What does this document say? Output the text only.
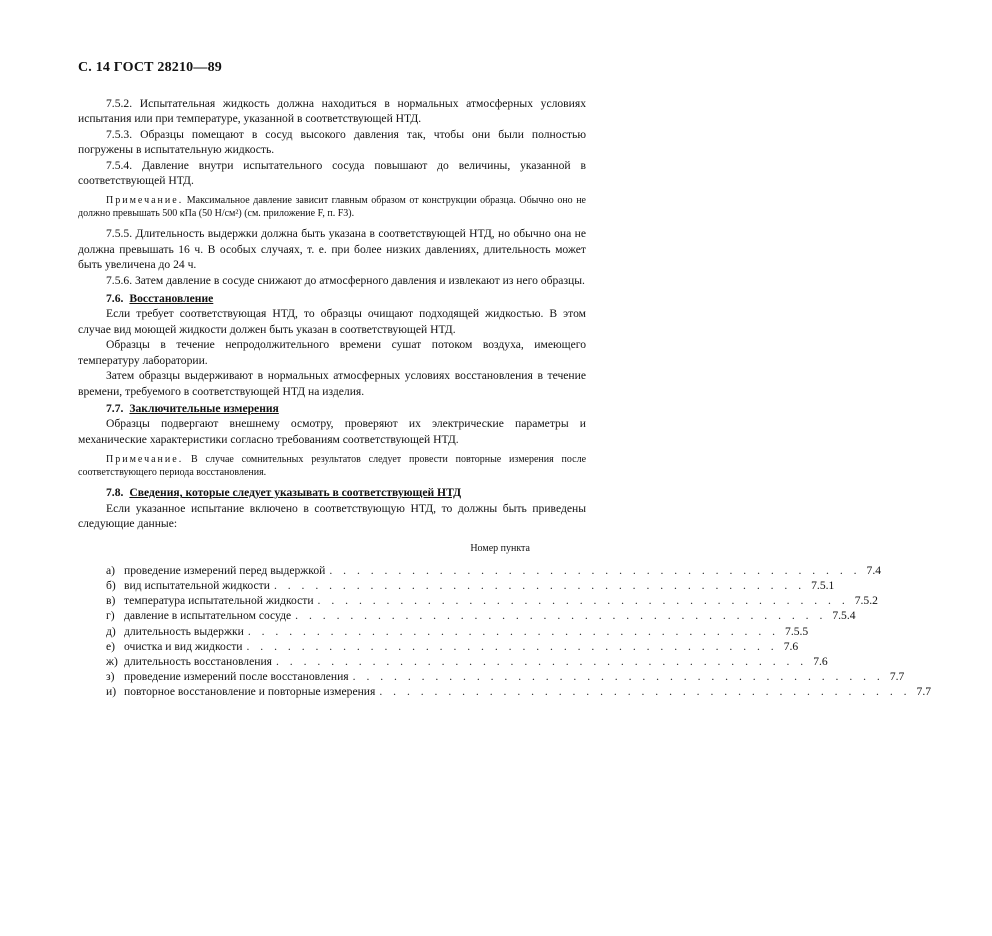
С. 14 ГОСТ 28210—89

7.5.2. Испытательная жидкость должна находиться в нормальных атмосферных условиях испытания или при температуре, указанной в соответствующей НТД.

7.5.3. Образцы помещают в сосуд высокого давления так, чтобы они были полностью погружены в испытательную жидкость.

7.5.4. Давление внутри испытательного сосуда повышают до величины, указанной в соответствующей НТД.

Примечание. Максимальное давление зависит главным образом от конструкции образца. Обычно оно не должно превышать 500 кПа (50 Н/см²) (см. приложение F, п. F3).

7.5.5. Длительность выдержки должна быть указана в соответствующей НТД, но обычно она не должна превышать 16 ч. В особых случаях, т. е. при более низких давлениях, длительность может быть увеличена до 24 ч.

7.5.6. Затем давление в сосуде снижают до атмосферного давления и извлекают из него образцы.

7.6. Восстановление

Если требует соответствующая НТД, то образцы очищают подходящей жидкостью. В этом случае вид моющей жидкости должен быть указан в соответствующей НТД.

Образцы в течение непродолжительного времени сушат потоком воздуха, имеющего температуру лаборатории.

Затем образцы выдерживают в нормальных атмосферных условиях восстановления в течение времени, требуемого в соответствующей НТД на изделия.

7.7. Заключительные измерения

Образцы подвергают внешнему осмотру, проверяют их электрические параметры и механические характеристики согласно требованиям соответствующей НТД.

Примечание. В случае сомнительных результатов следует провести повторные измерения после соответствующего периода восстановления.
7.8. Сведения, которые следует указывать в соответствующей НТД

Если указанное испытание включено в соответствующую НТД, то должны быть приведены следующие данные:

Номер пункта
а) проведение измерений перед выдержкой . . . . . . . . . . . . . . . . . . . . . . . . . . . . . . . . . . . . . . . 7.4
б) вид испытательной жидкости . . . . . . . . . . . . . . . . . . . . . . . . . . . . . . . . . . . . . . . 7.5.1
в) температура испытательной жидкости . . . . . . . . . . . . . . . . . . . . . . . . . . . . . . . . . . . . . . . 7.5.2
г) давление в испытательном сосуде . . . . . . . . . . . . . . . . . . . . . . . . . . . . . . . . . . . . . . . 7.5.4
д) длительность выдержки . . . . . . . . . . . . . . . . . . . . . . . . . . . . . . . . . . . . . . . 7.5.5
е) очистка и вид жидкости . . . . . . . . . . . . . . . . . . . . . . . . . . . . . . . . . . . . . . . 7.6
ж) длительность восстановления . . . . . . . . . . . . . . . . . . . . . . . . . . . . . . . . . . . . . . . 7.6
з) проведение измерений после восстановления . . . . . . . . . . . . . . . . . . . . . . . . . . . . . . . . . . . . . . . 7.7
и) повторное восстановление и повторные измерения . . . . . . . . . . . . . . . . . . . . . . . . . . . . . . . . . . . . . . . 7.7
